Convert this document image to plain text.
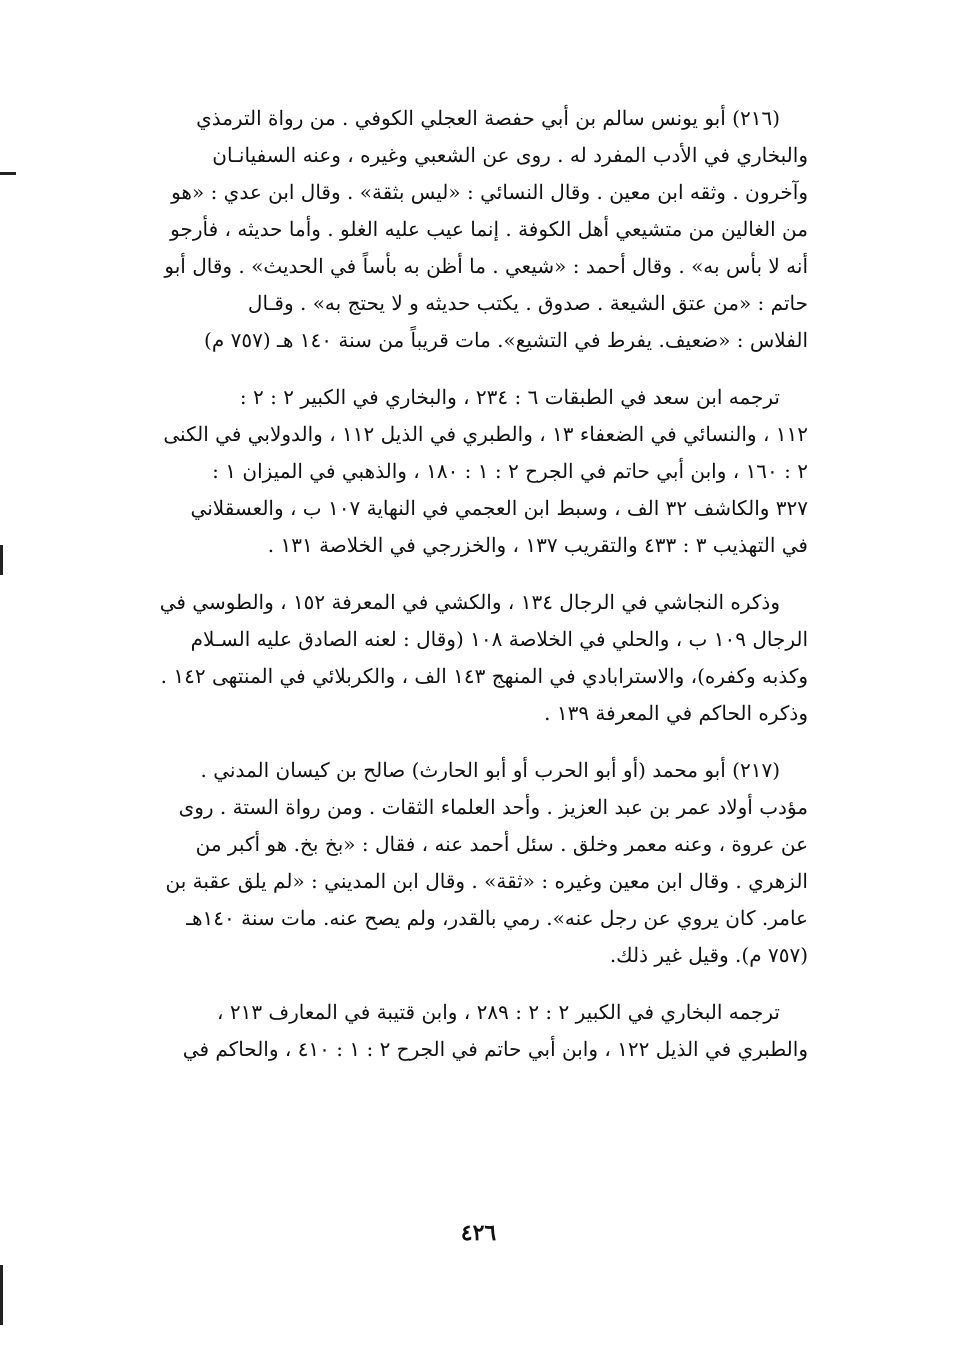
(٢١٦) أبو يونس سالم بن أبي حفصة العجلي الكوفي . من رواة الترمذي
والبخاري في الأدب المفرد له . روى عن الشعبي وغيره ، وعنه السفيانـان
وآخرون . وثقه ابن معين . وقال النسائي : «ليس بثقة» . وقال ابن عدي : «هو
من الغالين من متشيعي أهل الكوفة . إنما عيب عليه الغلو . وأما حديثه ، فأرجو
أنه لا بأس به» . وقال أحمد : «شيعي . ما أظن به بأساً في الحديث» . وقال أبو
حاتم : «من عتق الشيعة . صدوق . يكتب حديثه و لا يحتج به» . وقـال
الفلاس : «ضعيف. يفرط في التشيع». مات قريباً من سنة ١٤٠ هـ (٧٥٧ م)
ترجمه ابن سعد في الطبقات ٦ : ٢٣٤ ، والبخاري في الكبير ٢ : ٢ :
١١٢ ، والنسائي في الضعفاء ١٣ ، والطبري في الذيل ١١٢ ، والدولابي في الكنى
٢ : ١٦٠ ، وابن أبي حاتم في الجرح ٢ : ١ : ١٨٠ ، والذهبي في الميزان ١ :
٣٢٧ والكاشف ٣٢ الف ، وسبط ابن العجمي في النهاية ١٠٧ ب ، والعسقلاني
في التهذيب ٣ : ٤٣٣ والتقريب ١٣٧ ، والخزرجي في الخلاصة ١٣١ .
وذكره النجاشي في الرجال ١٣٤ ، والكشي في المعرفة ١٥٢ ، والطوسي في
الرجال ١٠٩ ب ، والحلي في الخلاصة ١٠٨ (وقال : لعنه الصادق عليه السـلام
وكذبه وكفره)، والاسترابادي في المنهج ١٤٣ الف ، والكربلائي في المنتهى ١٤٢ .
وذكره الحاكم في المعرفة ١٣٩ .
(٢١٧) أبو محمد (أو أبو الحرب أو أبو الحارث) صالح بن كيسان المدني .
مؤدب أولاد عمر بن عبد العزيز . وأحد العلماء الثقات . ومن رواة الستة . روى
عن عروة ، وعنه معمر وخلق . سئل أحمد عنه ، فقال : «بخ بخ. هو أكبر من
الزهري . وقال ابن معين وغيره : «ثقة» . وقال ابن المديني : «لم يلق عقبة بن
عامر. كان يروي عن رجل عنه». رمي بالقدر، ولم يصح عنه. مات سنة ١٤٠هـ
(٧٥٧ م). وقيل غير ذلك.
ترجمه البخاري في الكبير ٢ : ٢ : ٢٨٩ ، وابن قتيبة في المعارف ٢١٣ ،
والطبري في الذيل ١٢٢ ، وابن أبي حاتم في الجرح ٢ : ١ : ٤١٠ ، والحاكم في
٤٢٦
